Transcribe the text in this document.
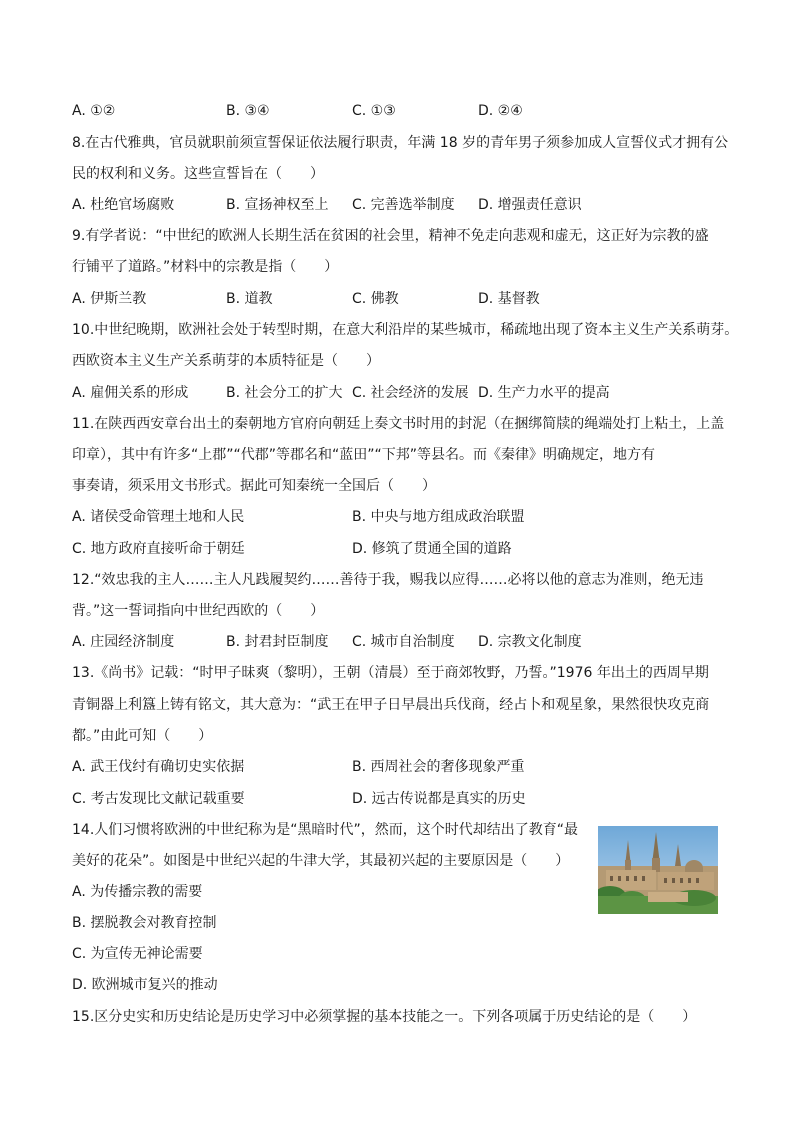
A. ①②	B. ③④	C. ①③	D. ②④
8.在古代雅典，官员就职前须宣誓保证依法履行职责，年满 18 岁的青年男子须参加成人宣誓仪式才拥有公
民的权利和义务。这些宣誓旨在（　　）
A. 杜绝官场腐败	B. 宣扬神权至上 C. 完善选举制度 D. 增强责任意识
9.有学者说：“中世纪的欧洲人长期生活在贫困的社会里，精神不免走向悲观和虚无，这正好为宗教的盛
行铺平了道路。”材料中的宗教是指（　　）
A. 伊斯兰教	B. 道教	C. 佛教	D. 基督教
10.中世纪晚期，欧洲社会处于转型时期，在意大利沿岸的某些城市，稀疏地出现了资本主义生产关系萌芽。
西欧资本主义生产关系萌芽的本质特征是（　　）
A. 雇佣关系的形成	B. 社会分工的扩大 C. 社会经济的发展 D. 生产力水平的提高
11.在陕西西安章台出土的秦朝地方官府向朝廷上奏文书时用的封泥（在捆绑简牍的绳端处打上粘土，上盖
印章），其中有许多“上郡”“代郡”等郡名和“蓝田”“下邦”等县名。而《秦律》明确规定，地方有
事奏请，须采用文书形式。据此可知秦统一全国后（　　）
A. 诸侯受命管理土地和人民	B. 中央与地方组成政治联盟
C. 地方政府直接听命于朝廷	D. 修筑了贯通全国的道路
12.“效忠我的主人……主人凡践履契约……善待于我，赐我以应得……必将以他的意志为准则，绝无违
背。”这一誓词指向中世纪西欧的（　　）
A. 庄园经济制度	B. 封君封臣制度 C. 城市自治制度 D. 宗教文化制度
13.《尚书》记载：“时甲子昧爽（黎明），王朝（清晨）至于商郊牧野，乃誓。”1976 年出土的西周早期
青铜器上利簋上铸有铭文，其大意为：“武王在甲子日早晨出兵伐商，经占卜和观星象，果然很快攻克商
都。”由此可知（　　）
A. 武王伐纣有确切史实依据	B. 西周社会的奢侈现象严重
C. 考古发现比文献记载重要	D. 远古传说都是真实的历史
14.人们习惯将欧洲的中世纪称为是“黑暗时代”，然而，这个时代却结出了教育“最
美好的花朵”。如图是中世纪兴起的牛津大学，其最初兴起的主要原因是（　　）
A. 为传播宗教的需要
B. 摆脱教会对教育控制
C. 为宣传无神论需要
D. 欧洲城市复兴的推动
15.区分史实和历史结论是历史学习中必须掌握的基本技能之一。下列各项属于历史结论的是（　　）
